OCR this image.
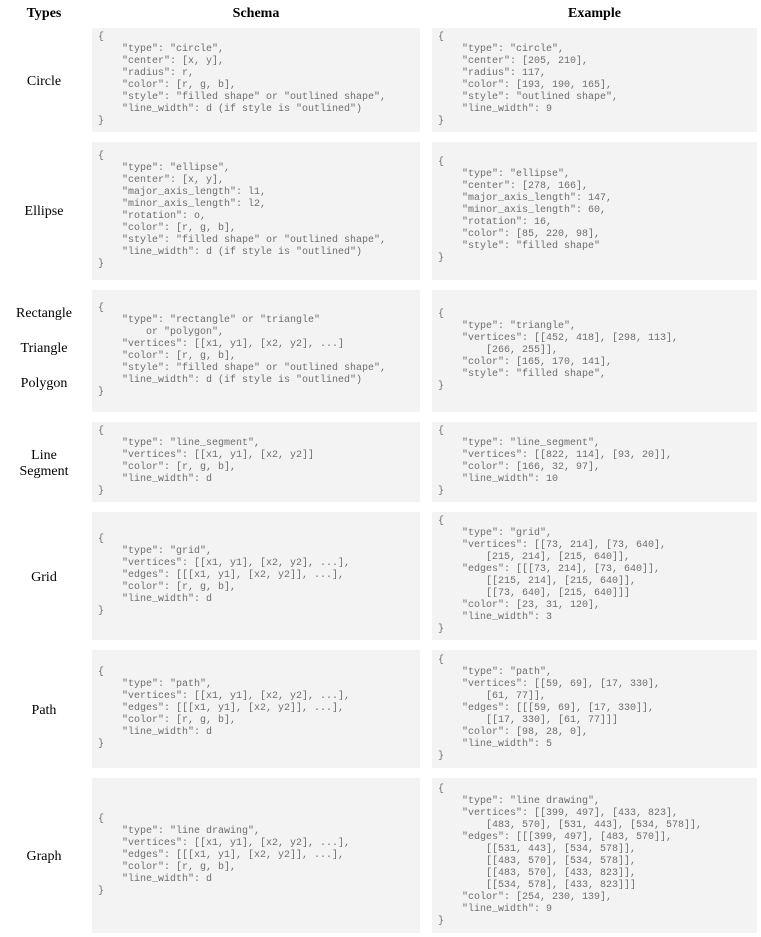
Types	Schema	Example
Circle
{
"type": "circle",
"center": [x, y],
"radius": r,
"color": [r, g, b],
"style": "filled shape" or "outlined shape",
"line_width": d (if style is "outlined")
}
{
"type": "circle",
"center": [205, 210],
"radius": 117,
"color": [193, 190, 165],
"style": "outlined shape",
"line_width": 9
}
Ellipse
{
"type": "ellipse",
"center": [x, y],
"major_axis_length": l1,
"minor_axis_length": l2,
"rotation": o,
"color": [r, g, b],
"style": "filled shape" or "outlined shape",
"line_width": d (if style is "outlined")
}
{
"type": "ellipse",
"center": [278, 166],
"major_axis_length": 147,
"minor_axis_length": 60,
"rotation": 16,
"color": [85, 220, 98],
"style": "filled shape"
}
Rectangle
Triangle
Polygon
{
"type": "rectangle" or "triangle"
or "polygon",
"vertices": [[x1, y1], [x2, y2], ...]
"color": [r, g, b],
"style": "filled shape" or "outlined shape",
"line_width": d (if style is "outlined")
}
{
"type": "triangle",
"vertices": [[452, 418], [298, 113],
[266, 255]],
"color": [165, 170, 141],
"style": "filled shape",
}
Line
Segment
{
"type": "line_segment",
"vertices": [[x1, y1], [x2, y2]]
"color": [r, g, b],
"line_width": d
}
{
"type": "line_segment",
"vertices": [[822, 114], [93, 20]],
"color": [166, 32, 97],
"line_width": 10
}
Grid
{
"type": "grid",
"vertices": [[x1, y1], [x2, y2], ...],
"edges": [[[x1, y1], [x2, y2]], ...],
"color": [r, g, b],
"line_width": d
}
{
"type": "grid",
"vertices": [[73, 214], [73, 640],
[215, 214], [215, 640]],
"edges": [[[73, 214], [73, 640]],
[[215, 214], [215, 640]],
[[73, 640], [215, 640]]]
"color": [23, 31, 120],
"line_width": 3
}
Path
{
"type": "path",
"vertices": [[x1, y1], [x2, y2], ...],
"edges": [[[x1, y1], [x2, y2]], ...],
"color": [r, g, b],
"line_width": d
}
{
"type": "path",
"vertices": [[59, 69], [17, 330],
[61, 77]],
"edges": [[[59, 69], [17, 330]],
[[17, 330], [61, 77]]]
"color": [98, 28, 0],
"line_width": 5
}
Graph
{
"type": "line drawing",
"vertices": [[x1, y1], [x2, y2], ...],
"edges": [[[x1, y1], [x2, y2]], ...],
"color": [r, g, b],
"line_width": d
}
{
"type": "line drawing",
"vertices": [[399, 497], [433, 823],
[483, 570], [531, 443], [534, 578]],
"edges": [[[399, 497], [483, 570]],
[[531, 443], [534, 578]],
[[483, 570], [534, 578]],
[[483, 570], [433, 823]],
[[534, 578], [433, 823]]]
"color": [254, 230, 139],
"line_width": 9
}
